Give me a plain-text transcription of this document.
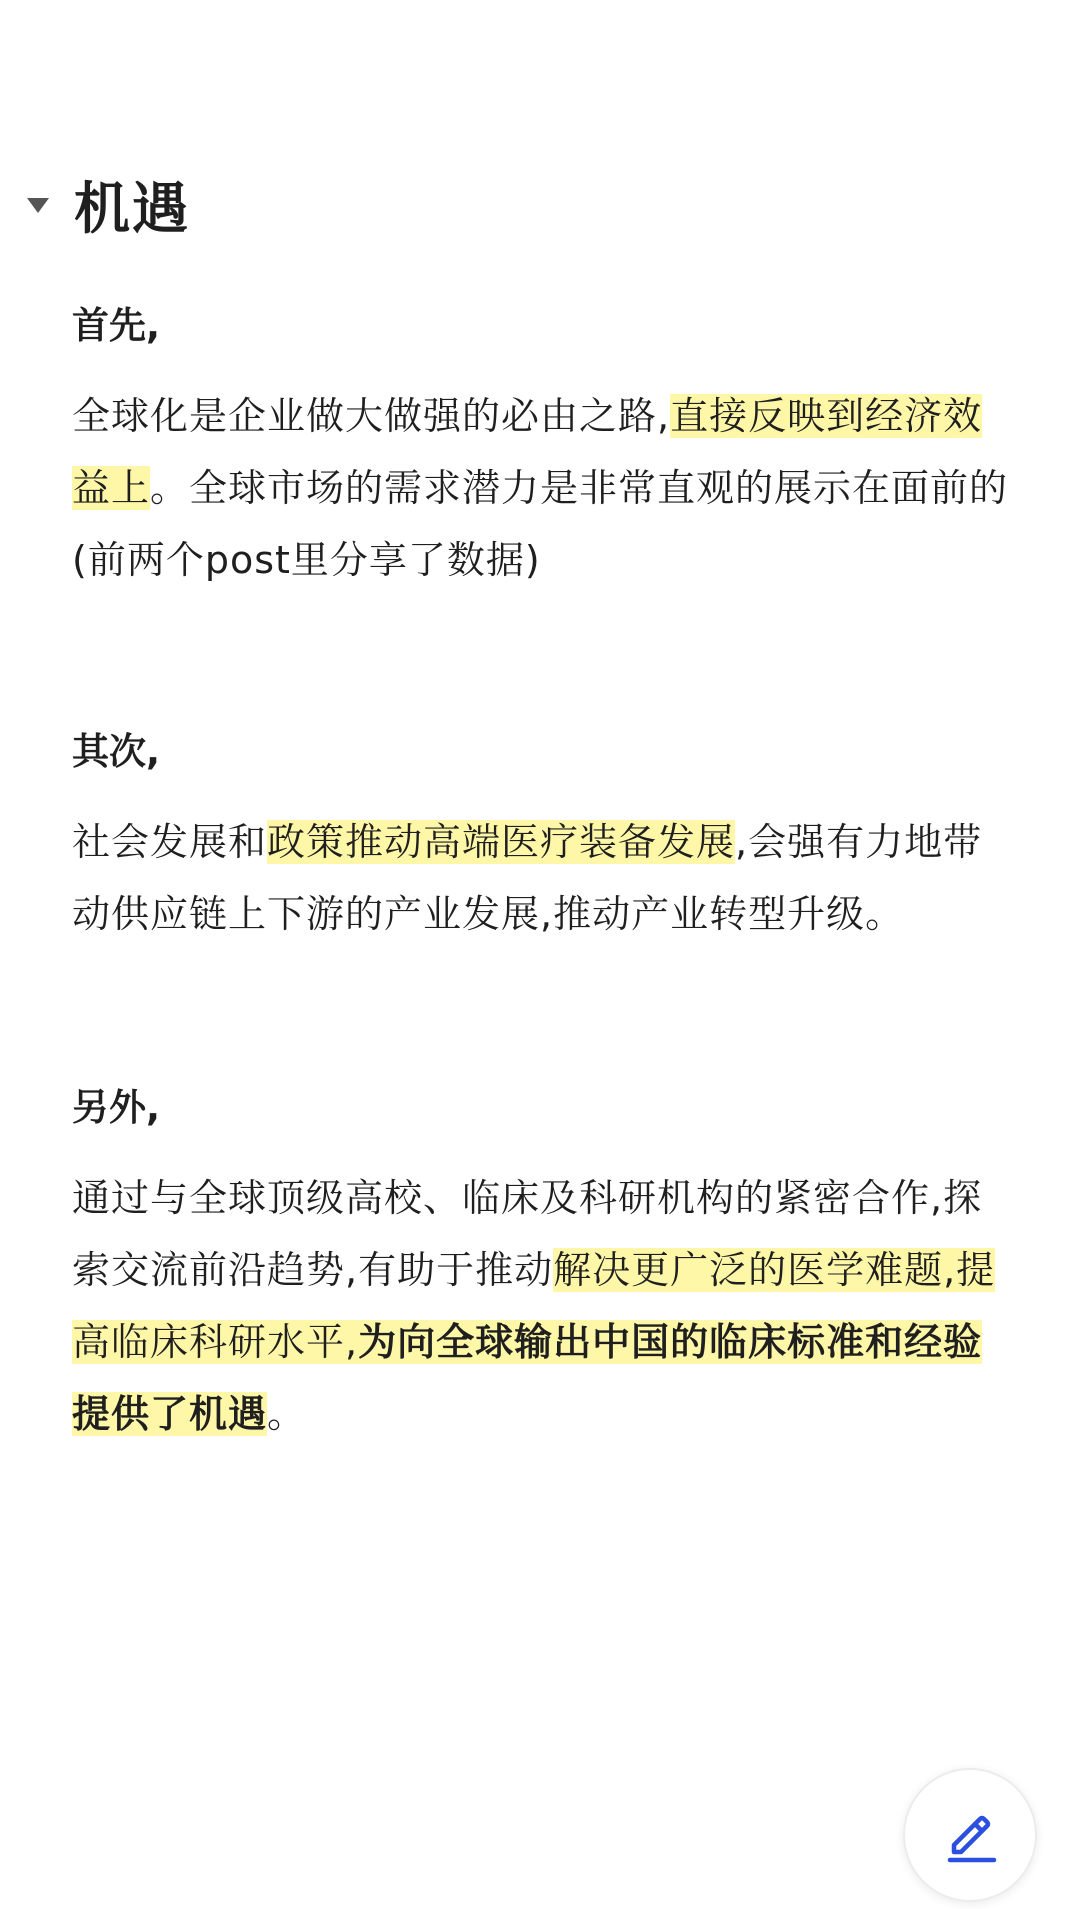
机遇

首先,

全球化是企业做大做强的必由之路,直接反映到经济效益上。全球市场的需求潜力是非常直观的展示在面前的(前两个post里分享了数据)

其次,

社会发展和政策推动高端医疗装备发展,会强有力地带动供应链上下游的产业发展,推动产业转型升级。

另外,

通过与全球顶级高校、临床及科研机构的紧密合作,探索交流前沿趋势,有助于推动解决更广泛的医学难题,提高临床科研水平,为向全球输出中国的临床标准和经验提供了机遇。
